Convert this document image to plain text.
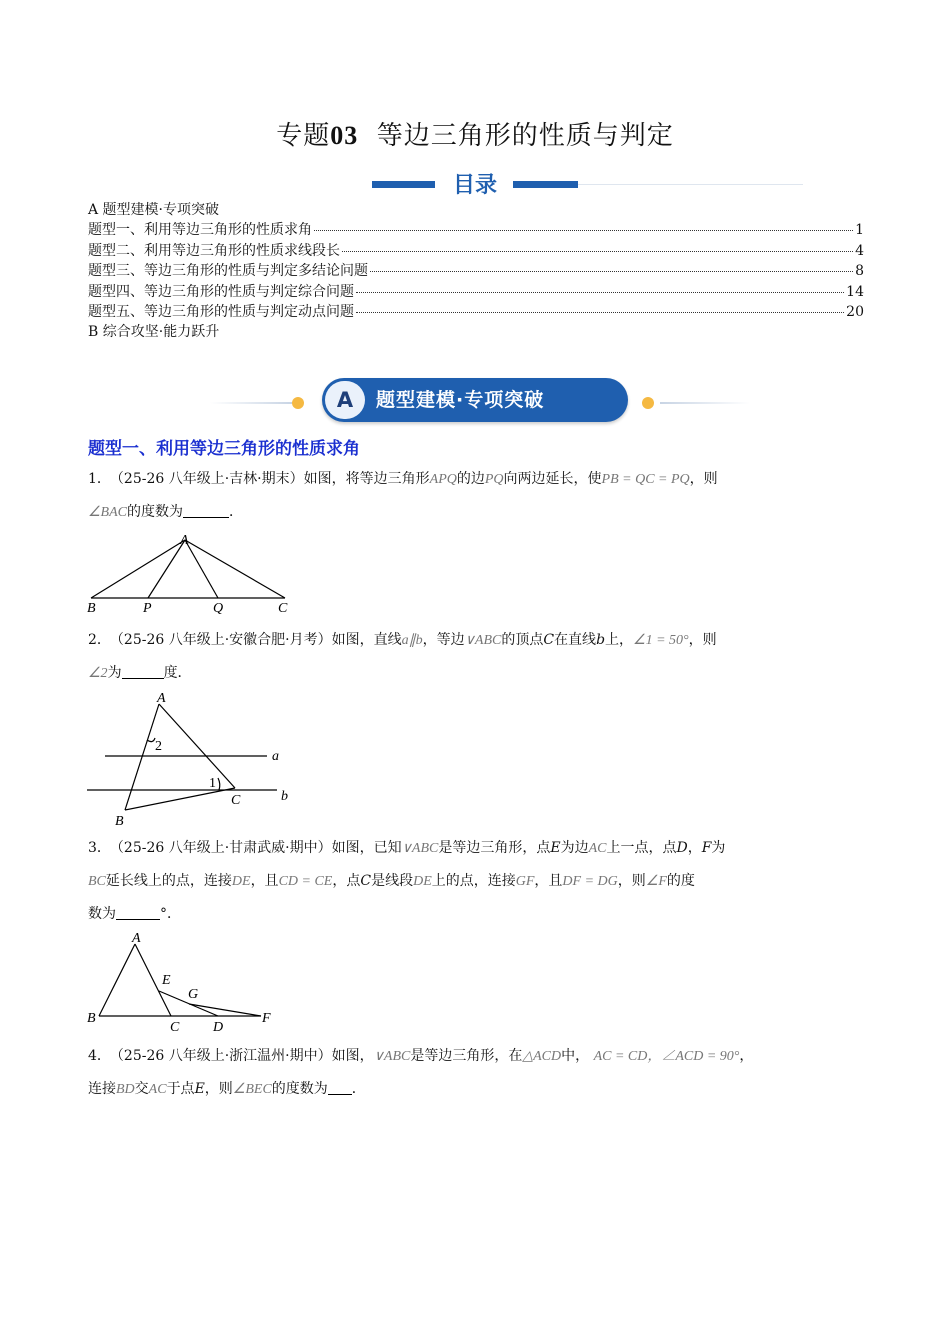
专题03 等边三角形的性质与判定
目录
A 题型建模·专项突破
题型一、利用等边三角形的性质求角	1
题型二、利用等边三角形的性质求线段长	4
题型三、等边三角形的性质与判定多结论问题	8
题型四、等边三角形的性质与判定综合问题	14
题型五、等边三角形的性质与判定动点问题	20
B 综合攻坚·能力跃升
A	题型建模·专项突破
题型一、利用等边三角形的性质求角
1． （25-26 八年级上·吉林·期末）如图，将等边三角形APQ的边PQ向两边延长，使PB = QC = PQ，则
∠BAC的度数为	．
A
B	P	Q	C
2． （25-26 八年级上·安徽合肥·月考）如图，直线a∥b，等边∨ABC的顶点C在直线b上，∠1 = 50°，则
∠2为	度．
A
2
a
1
C	b
B
3． （25-26 八年级上·甘肃武威·期中）如图，已知∨ABC是等边三角形，点E为边AC上一点，点D，F为
BC延长线上的点，连接DE，且CD = CE，点C是线段DE上的点，连接GF，且DF = DG，则∠F的度
数为	°．
A
E
G
B	F
C D
4． （25-26 八年级上·浙江温州·期中）如图，∨ABC是等边三角形，在△ACD中， AC = CD，∠ACD = 90°，
连接BD交AC于点E，则∠BEC的度数为 ．
